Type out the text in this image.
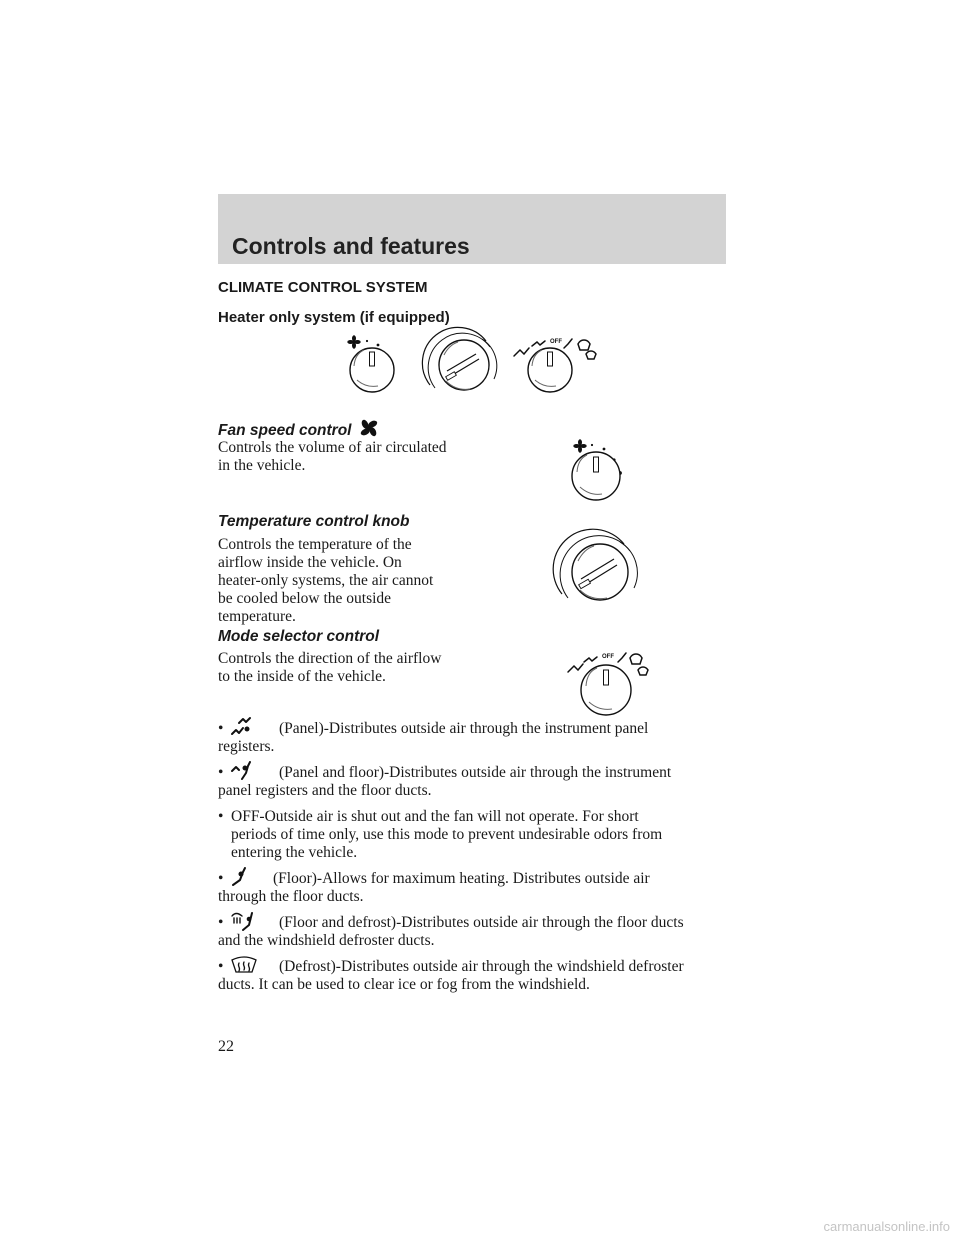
Controls and features
CLIMATE CONTROL SYSTEM
Heater only system (if equipped)
OFF
Fan speed control
Controls the volume of air circulated
in the vehicle.
Temperature control knob
Controls the temperature of the
airflow inside the vehicle. On
heater-only systems, the air cannot
be cooled below the outside
temperature.
Mode selector control
Controls the direction of the airflow
to the inside of the vehicle.
OFF
•	(Panel)-Distributes outside air through the instrument panel
registers.
•	(Panel and floor)-Distributes outside air through the instrument
panel registers and the floor ducts.
• OFF-Outside air is shut out and the fan will not operate. For short
periods of time only, use this mode to prevent undesirable odors from
entering the vehicle.
•	(Floor)-Allows for maximum heating. Distributes outside air
through the floor ducts.
•	(Floor and defrost)-Distributes outside air through the floor ducts
and the windshield defroster ducts.
•	(Defrost)-Distributes outside air through the windshield defroster
ducts. It can be used to clear ice or fog from the windshield.
22
carmanualsonline.info
